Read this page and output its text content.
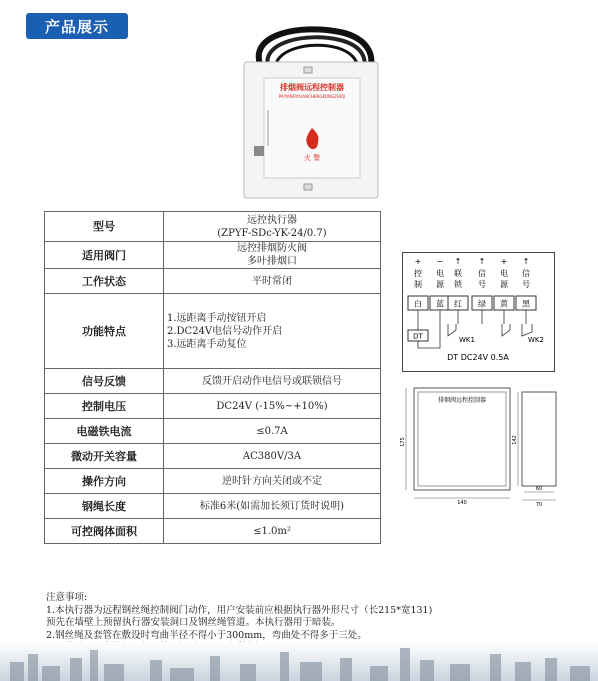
产品展示
排烟阀远程控制器
PAIYANFAYUANCHENGKONGZHIQI
火 警
型号	远控执行器
(ZPYF-SDc-YK-24/0.7)

适用阀门	远控排烟防火阀
多叶排烟口

工作状态	平时常闭

功能特点	1.远距离手动按钮开启
2.DC24V电信号动作开启
3.远距离手动复位

信号反馈	反馈开启动作电信号或联锁信号

控制电压	DC24V (-15%~+10%)

电磁铁电流	≤0.7A

微动开关容量	AC380V/3A

操作方向	逆时针方向关闭或不定

钢绳长度	标准6米(如需加长须订货时说明)

可控阀体面积	≤1.0m²
+
控
制
白
−
电
源
蓝
↑
联
锁
红
↑
信
号
绿
+
电
源
黄
↑
信
号
黑
DT	WK1	WK2
DT DC24V 0.5A
排烟阀远程控制器
175
140
142
60
70
注意事项:
1.本执行器为远程钢丝绳控制阀门动作，用户安装前应根据执行器外形尺寸（长215*宽131)
预先在墙壁上预留执行器安装洞口及钢丝绳管道。本执行器用于暗装。
2.钢丝绳及套管在敷设时弯曲半径不得小于300mm，弯曲处不得多于三处。
